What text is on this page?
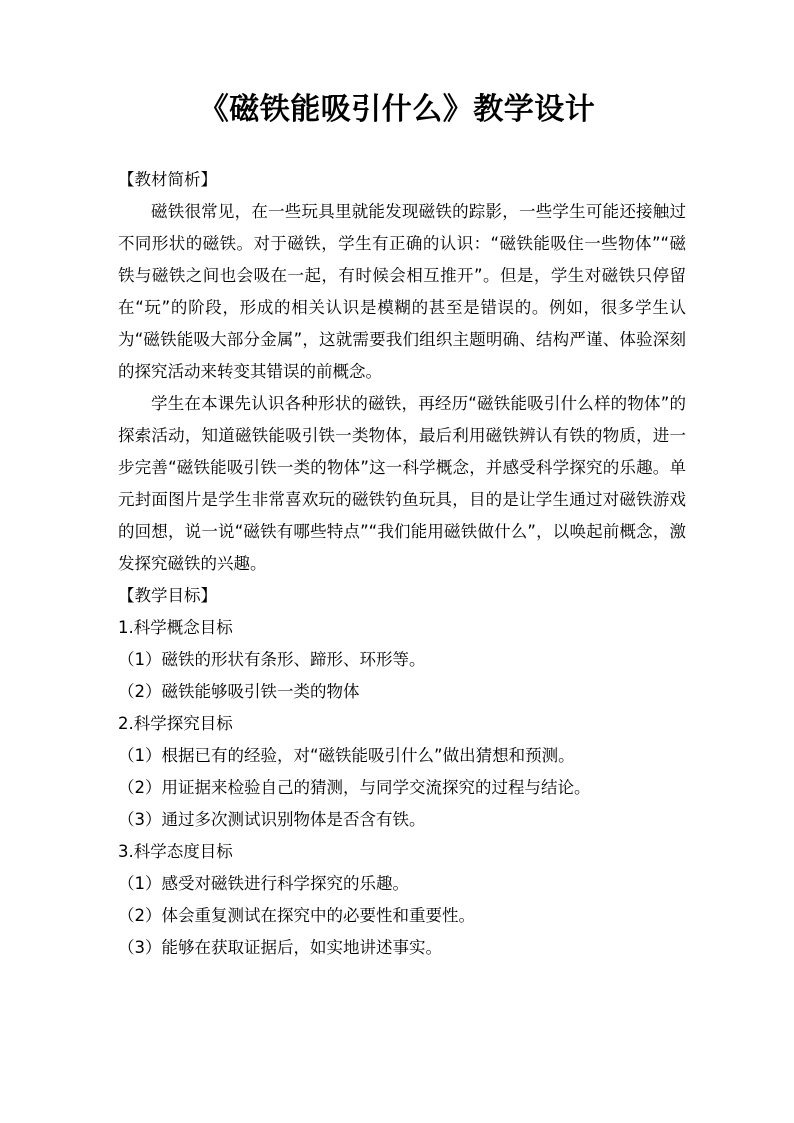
《磁铁能吸引什么》教学设计
【教材简析】

磁铁很常见，在一些玩具里就能发现磁铁的踪影，一些学生可能还接触过不同形状的磁铁。对于磁铁，学生有正确的认识：“磁铁能吸住一些物体”“磁铁与磁铁之间也会吸在一起，有时候会相互推开”。但是，学生对磁铁只停留在“玩”的阶段，形成的相关认识是模糊的甚至是错误的。例如，很多学生认为“磁铁能吸大部分金属”，这就需要我们组织主题明确、结构严谨、体验深刻的探究活动来转变其错误的前概念。

学生在本课先认识各种形状的磁铁，再经历“磁铁能吸引什么样的物体”的探索活动，知道磁铁能吸引铁一类物体，最后利用磁铁辨认有铁的物质，进一步完善“磁铁能吸引铁一类的物体”这一科学概念，并感受科学探究的乐趣。单元封面图片是学生非常喜欢玩的磁铁钓鱼玩具，目的是让学生通过对磁铁游戏的回想，说一说“磁铁有哪些特点”“我们能用磁铁做什么”，以唤起前概念，激发探究磁铁的兴趣。

【教学目标】
1.科学概念目标
（1）磁铁的形状有条形、蹄形、环形等。
（2）磁铁能够吸引铁一类的物体
2.科学探究目标
（1）根据已有的经验，对“磁铁能吸引什么”做出猜想和预测。
（2）用证据来检验自己的猜测，与同学交流探究的过程与结论。
（3）通过多次测试识别物体是否含有铁。
3.科学态度目标
（1）感受对磁铁进行科学探究的乐趣。
（2）体会重复测试在探究中的必要性和重要性。
（3）能够在获取证据后，如实地讲述事实。
